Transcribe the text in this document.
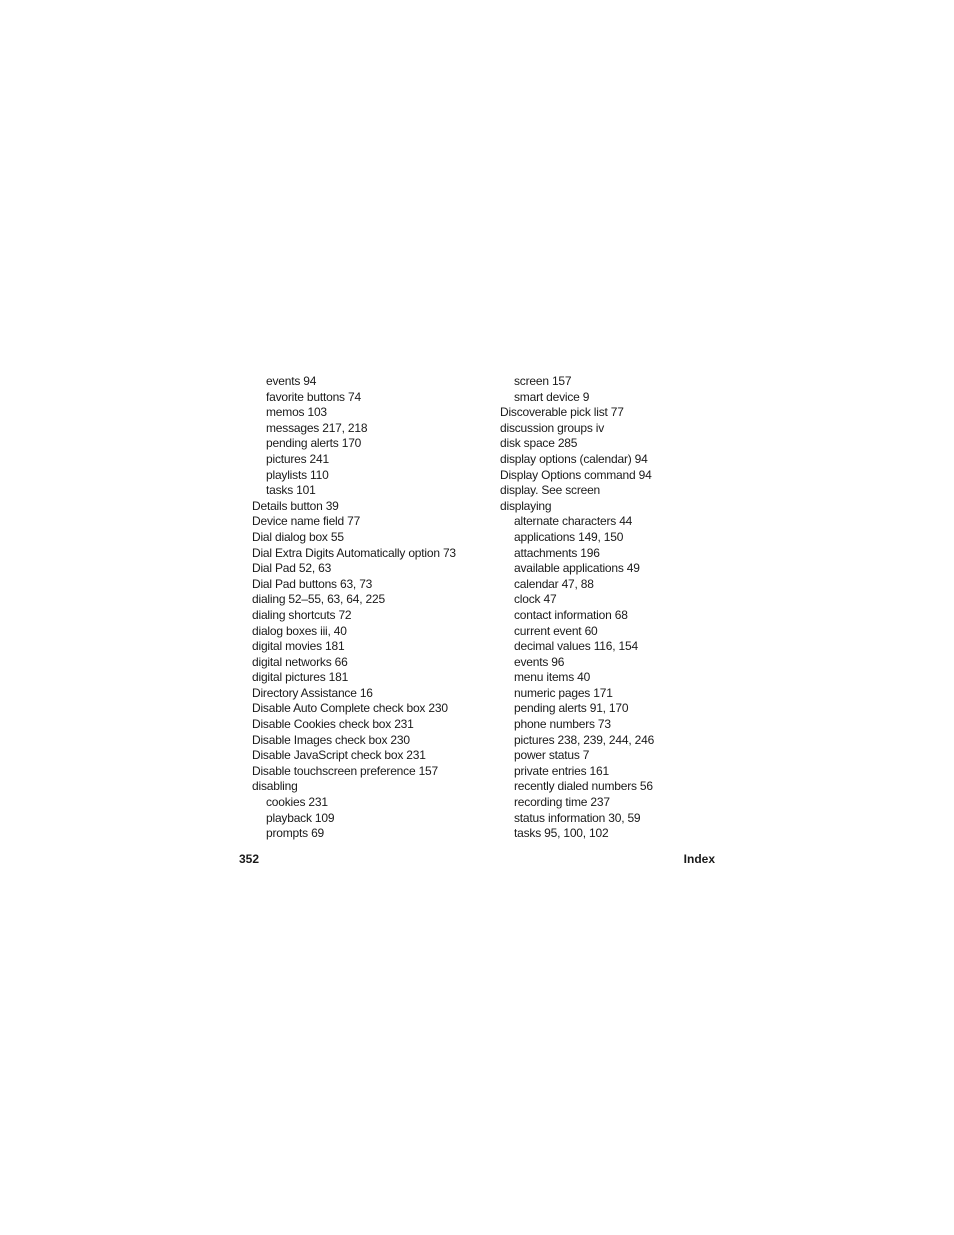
events 94
favorite buttons 74
memos 103
messages 217, 218
pending alerts 170
pictures 241
playlists 110
tasks 101
Details button 39
Device name field 77
Dial dialog box 55
Dial Extra Digits Automatically option 73
Dial Pad 52, 63
Dial Pad buttons 63, 73
dialing 52–55, 63, 64, 225
dialing shortcuts 72
dialog boxes iii, 40
digital movies 181
digital networks 66
digital pictures 181
Directory Assistance 16
Disable Auto Complete check box 230
Disable Cookies check box 231
Disable Images check box 230
Disable JavaScript check box 231
Disable touchscreen preference 157
disabling
cookies 231
playback 109
prompts 69
screen 157
smart device 9
Discoverable pick list 77
discussion groups iv
disk space 285
display options (calendar) 94
Display Options command 94
display. See screen
displaying
alternate characters 44
applications 149, 150
attachments 196
available applications 49
calendar 47, 88
clock 47
contact information 68
current event 60
decimal values 116, 154
events 96
menu items 40
numeric pages 171
pending alerts 91, 170
phone numbers 73
pictures 238, 239, 244, 246
power status 7
private entries 161
recently dialed numbers 56
recording time 237
status information 30, 59
tasks 95, 100, 102
352	Index
